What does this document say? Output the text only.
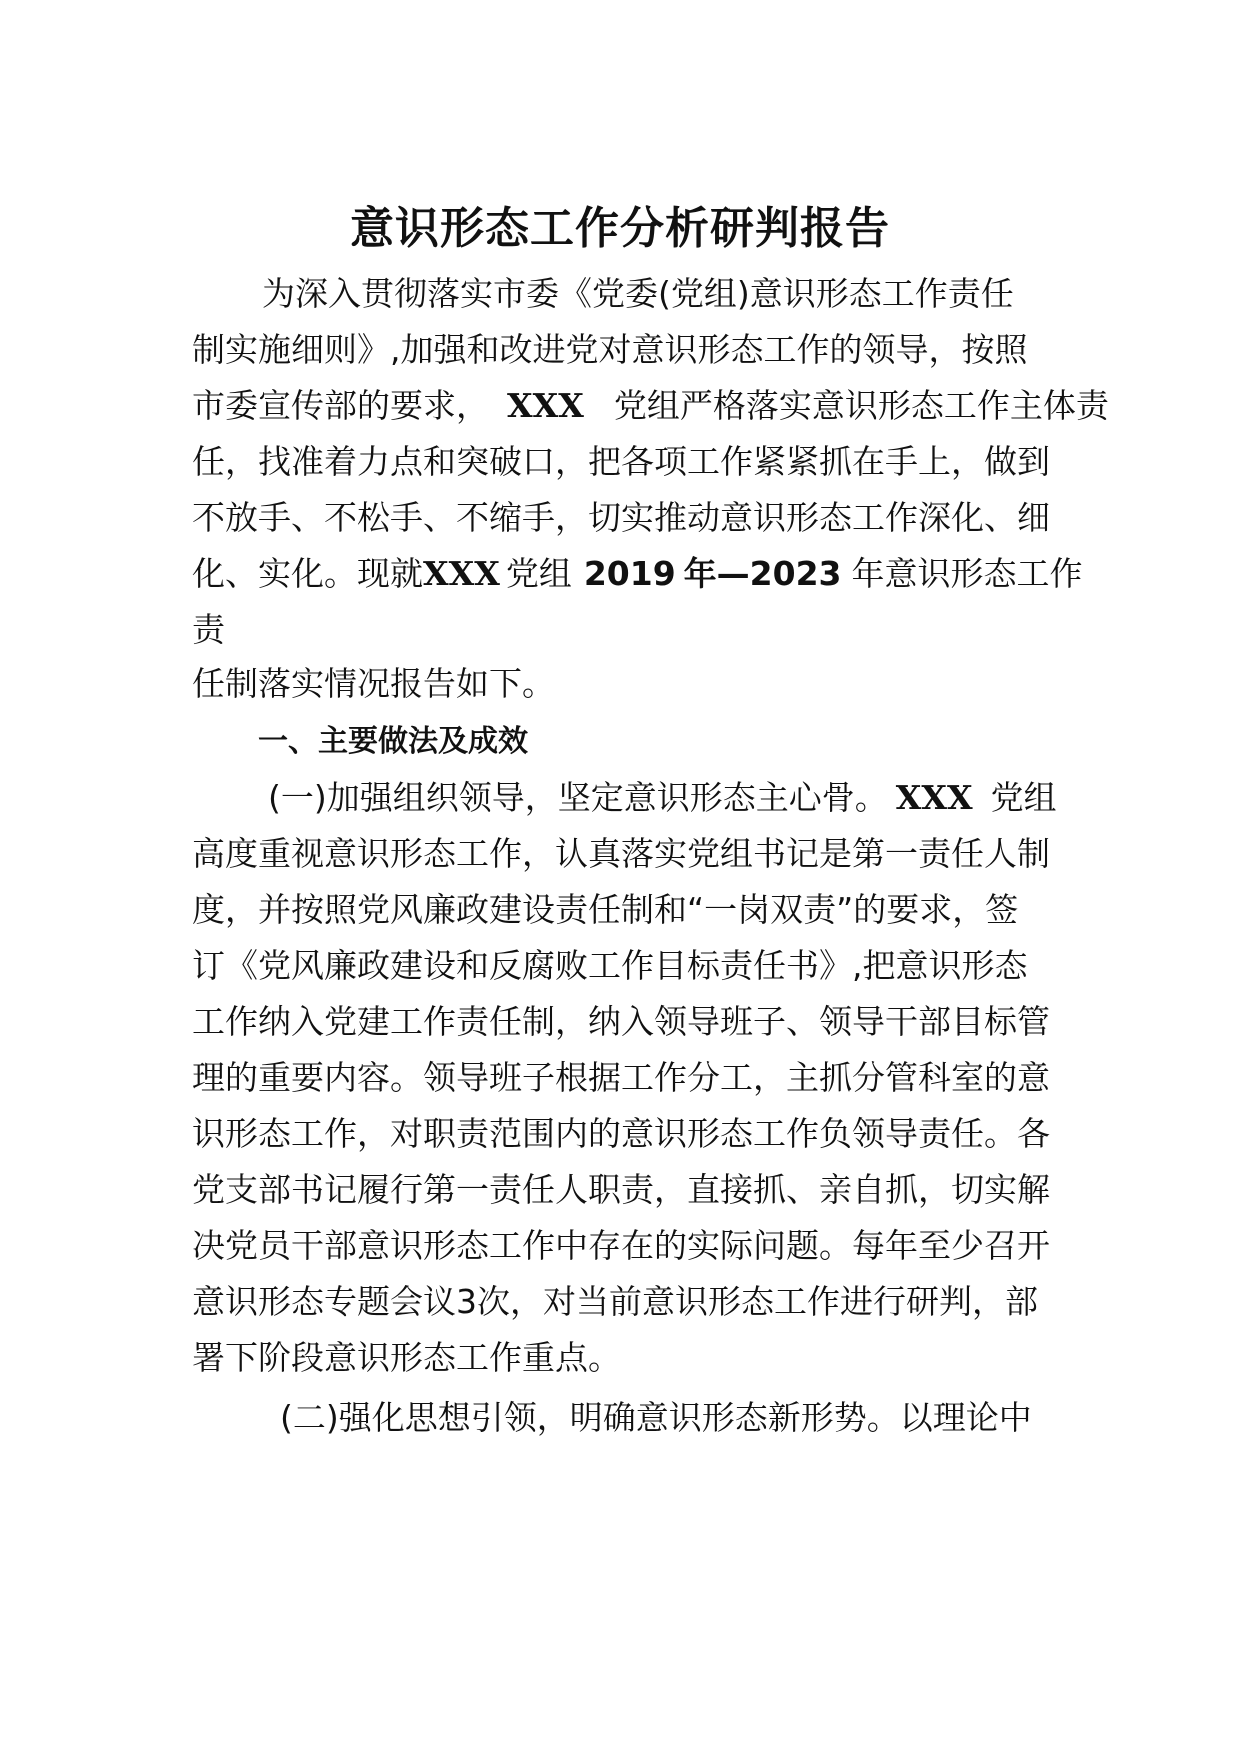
意识形态工作分析研判报告

为深入贯彻落实市委《党委(党组)意识形态工作责任

制实施细则》,加强和改进党对意识形态工作的领导，按照

市委宣传部的要求， XXX 党组严格落实意识形态工作主体责

任，找准着力点和突破口，把各项工作紧紧抓在手上，做到

不放手、不松手、不缩手，切实推动意识形态工作深化、细

化、实化。现就XXX 党组 2019 年—2023 年意识形态工作

责

任制落实情况报告如下。

一、主要做法及成效

(一)加强组织领导，坚定意识形态主心骨。 XXX 党组

高度重视意识形态工作，认真落实党组书记是第一责任人制

度，并按照党风廉政建设责任制和“一岗双责”的要求，签

订《党风廉政建设和反腐败工作目标责任书》,把意识形态

工作纳入党建工作责任制，纳入领导班子、领导干部目标管

理的重要内容。领导班子根据工作分工，主抓分管科室的意

识形态工作，对职责范围内的意识形态工作负领导责任。各

党支部书记履行第一责任人职责，直接抓、亲自抓，切实解

决党员干部意识形态工作中存在的实际问题。每年至少召开

意识形态专题会议3次，对当前意识形态工作进行研判，部

署下阶段意识形态工作重点。

(二)强化思想引领，明确意识形态新形势。以理论中
